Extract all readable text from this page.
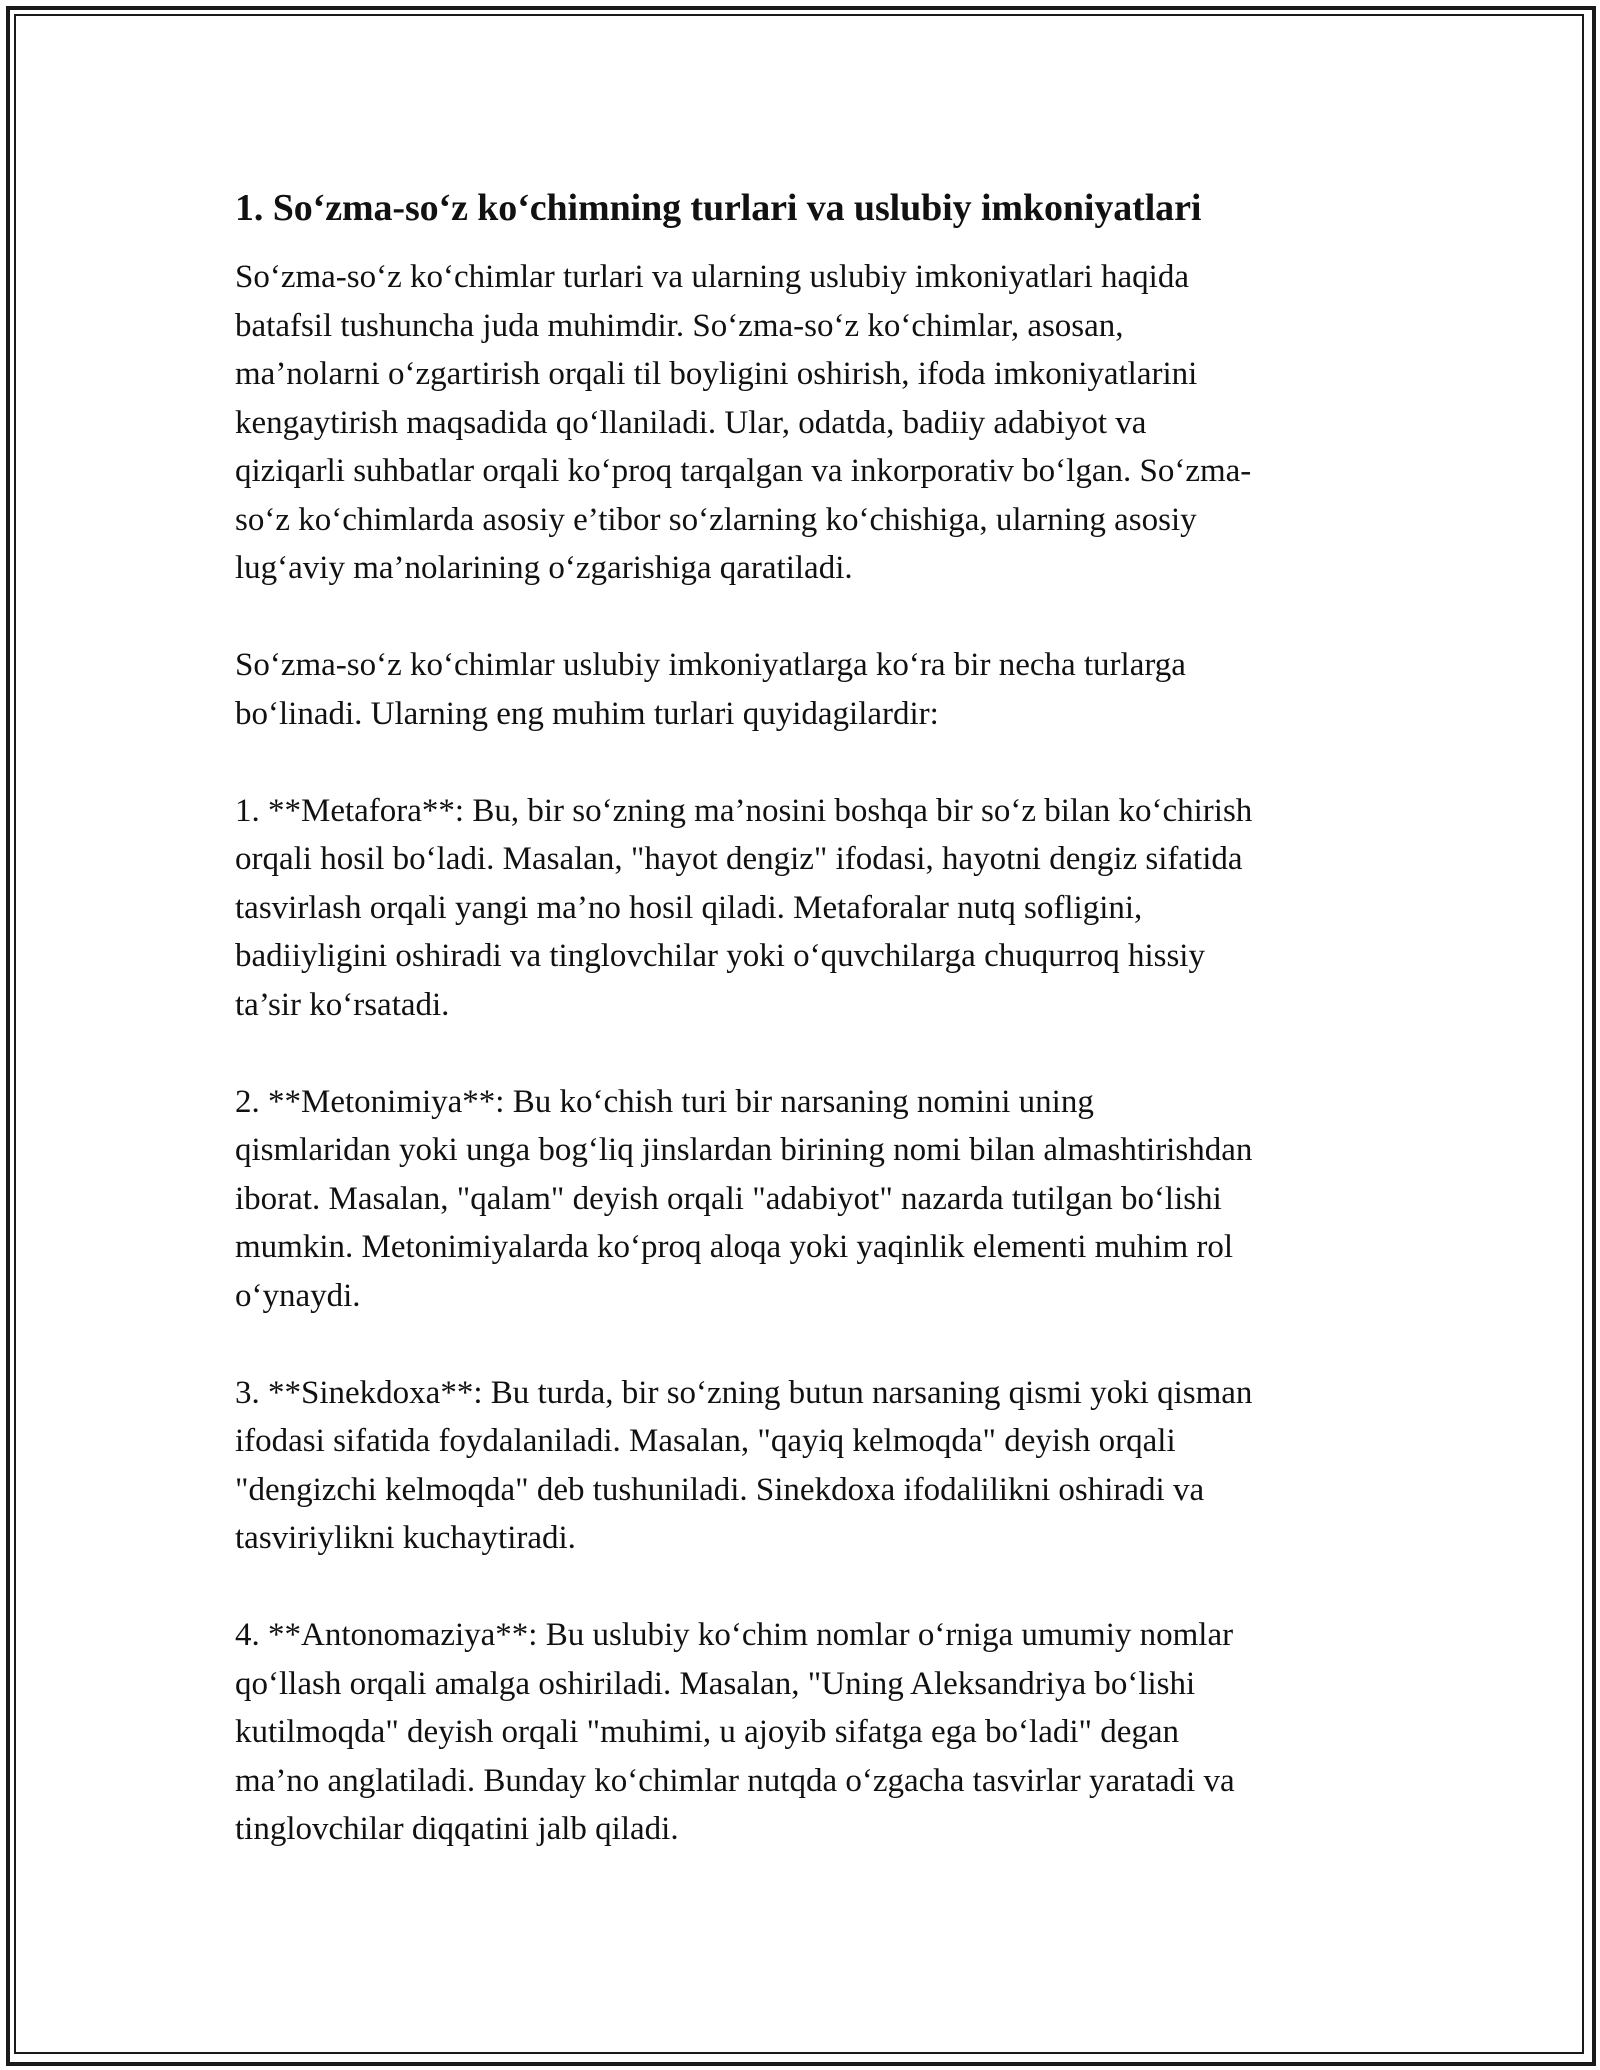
1. So‘zma-so‘z ko‘chimning turlari va uslubiy imkoniyatlari

So‘zma-so‘z ko‘chimlar turlari va ularning uslubiy imkoniyatlari haqida
batafsil tushuncha juda muhimdir. So‘zma-so‘z ko‘chimlar, asosan,
ma’nolarni o‘zgartirish orqali til boyligini oshirish, ifoda imkoniyatlarini
kengaytirish maqsadida qo‘llaniladi. Ular, odatda, badiiy adabiyot va
qiziqarli suhbatlar orqali ko‘proq tarqalgan va inkorporativ bo‘lgan. So‘zma-
so‘z ko‘chimlarda asosiy e’tibor so‘zlarning ko‘chishiga, ularning asosiy
lug‘aviy ma’nolarining o‘zgarishiga qaratiladi.

So‘zma-so‘z ko‘chimlar uslubiy imkoniyatlarga ko‘ra bir necha turlarga
bo‘linadi. Ularning eng muhim turlari quyidagilardir:

1. **Metafora**: Bu, bir so‘zning ma’nosini boshqa bir so‘z bilan ko‘chirish
orqali hosil bo‘ladi. Masalan, "hayot dengiz" ifodasi, hayotni dengiz sifatida
tasvirlash orqali yangi ma’no hosil qiladi. Metaforalar nutq sofligini,
badiiyligini oshiradi va tinglovchilar yoki o‘quvchilarga chuqurroq hissiy
ta’sir ko‘rsatadi.

2. **Metonimiya**: Bu ko‘chish turi bir narsaning nomini uning
qismlaridan yoki unga bog‘liq jinslardan birining nomi bilan almashtirishdan
iborat. Masalan, "qalam" deyish orqali "adabiyot" nazarda tutilgan bo‘lishi
mumkin. Metonimiyalarda ko‘proq aloqa yoki yaqinlik elementi muhim rol
o‘ynaydi.

3. **Sinekdoxa**: Bu turda, bir so‘zning butun narsaning qismi yoki qisman
ifodasi sifatida foydalaniladi. Masalan, "qayiq kelmoqda" deyish orqali
"dengizchi kelmoqda" deb tushuniladi. Sinekdoxa ifodalilikni oshiradi va
tasviriylikni kuchaytiradi.

4. **Antonomaziya**: Bu uslubiy ko‘chim nomlar o‘rniga umumiy nomlar
qo‘llash orqali amalga oshiriladi. Masalan, "Uning Aleksandriya bo‘lishi
kutilmoqda" deyish orqali "muhimi, u ajoyib sifatga ega bo‘ladi" degan
ma’no anglatiladi. Bunday ko‘chimlar nutqda o‘zgacha tasvirlar yaratadi va
tinglovchilar diqqatini jalb qiladi.
